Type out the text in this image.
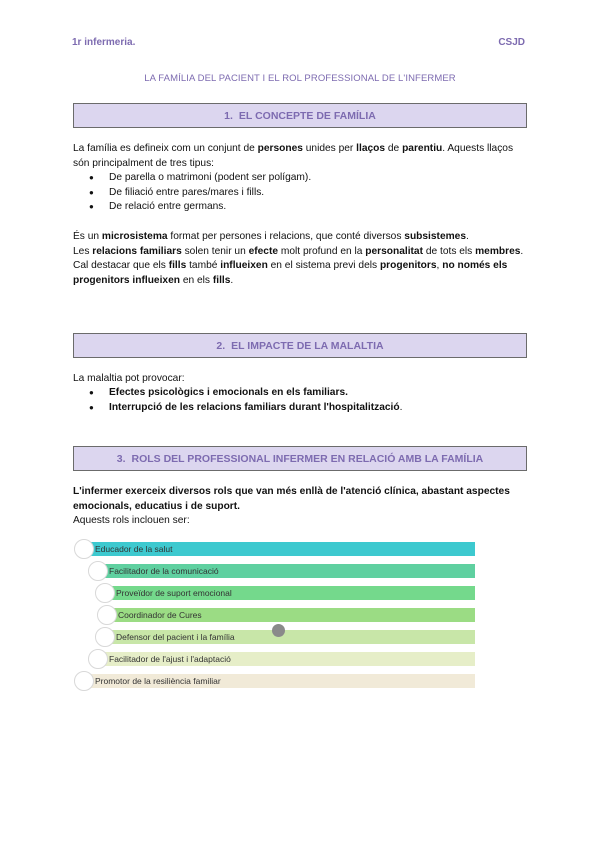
1r infermeria.	CSJD
LA FAMÍLIA DEL PACIENT I EL ROL PROFESSIONAL DE L'INFERMER
1. EL CONCEPTE DE FAMÍLIA
La família es defineix com un conjunt de persones unides per llaços de parentiu. Aquests llaços són principalment de tres tipus:
● De parella o matrimoni (podent ser polígam).
● De filiació entre pares/mares i fills.
● De relació entre germans.
És un microsistema format per persones i relacions, que conté diversos subsistemes.
Les relacions familiars solen tenir un efecte molt profund en la personalitat de tots els membres.
Cal destacar que els fills també influeixen en el sistema previ dels progenitors, no només els progenitors influeixen en els fills.
2. EL IMPACTE DE LA MALALTIA
La malaltia pot provocar:
● Efectes psicològics i emocionals en els familiars.
● Interrupció de les relacions familiars durant l'hospitalització.
3. ROLS DEL PROFESSIONAL INFERMER EN RELACIÓ AMB LA FAMÍLIA
L'infermer exerceix diversos rols que van més enllà de l'atenció clínica, abastant aspectes emocionals, educatius i de suport.
Aquests rols inclouen ser:
Educador de la salut
Facilitador de la comunicació
Proveïdor de suport emocional
Coordinador de Cures
Defensor del pacient i la família
Facilitador de l'ajust i l'adaptació
Promotor de la resiliència familiar
